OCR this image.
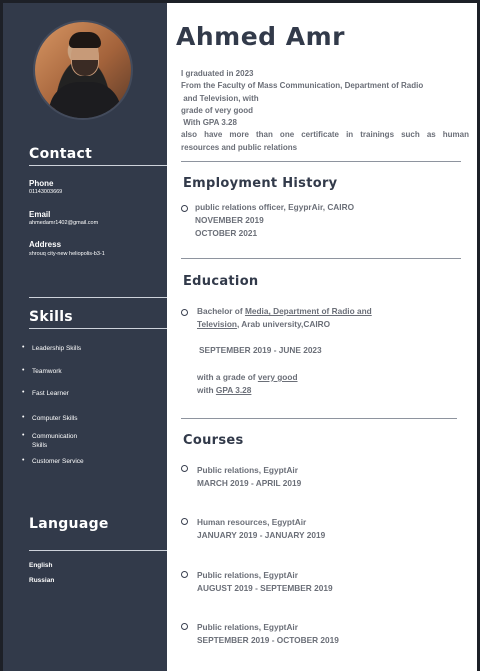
Contact
Phone
01143003669
Email
ahmedamr1402@gmail.com
Address
shrouq city-new heliopolis-b3-1
Skills
•	Leadership Skills
•	Teamwork
•	Fast Learner
•	Computer Skills
•	Communication Skills
•	Customer Service
Language
English
Russian
Ahmed Amr
I graduated in 2023
From the Faculty of Mass Communication, Department of Radio
and Television, with
grade of very good
With GPA 3.28
also have more than one certificate in trainings such as human
resources and public relations
Employment History
public relations officer, EgyprAir, CAIRO
NOVEMBER 2019
OCTOBER 2021
Education
Bachelor of Media, Department of Radio and
Television, Arab university,CAIRO
SEPTEMBER 2019 - JUNE 2023
with a grade of very good
with GPA 3.28
Courses
Public relations, EgyptAir
MARCH 2019 - APRIL 2019
Human resources, EgyptAir
JANUARY 2019 - JANUARY 2019
Public relations, EgyptAir
AUGUST 2019 - SEPTEMBER 2019
Public relations, EgyptAir
SEPTEMBER 2019 - OCTOBER 2019
